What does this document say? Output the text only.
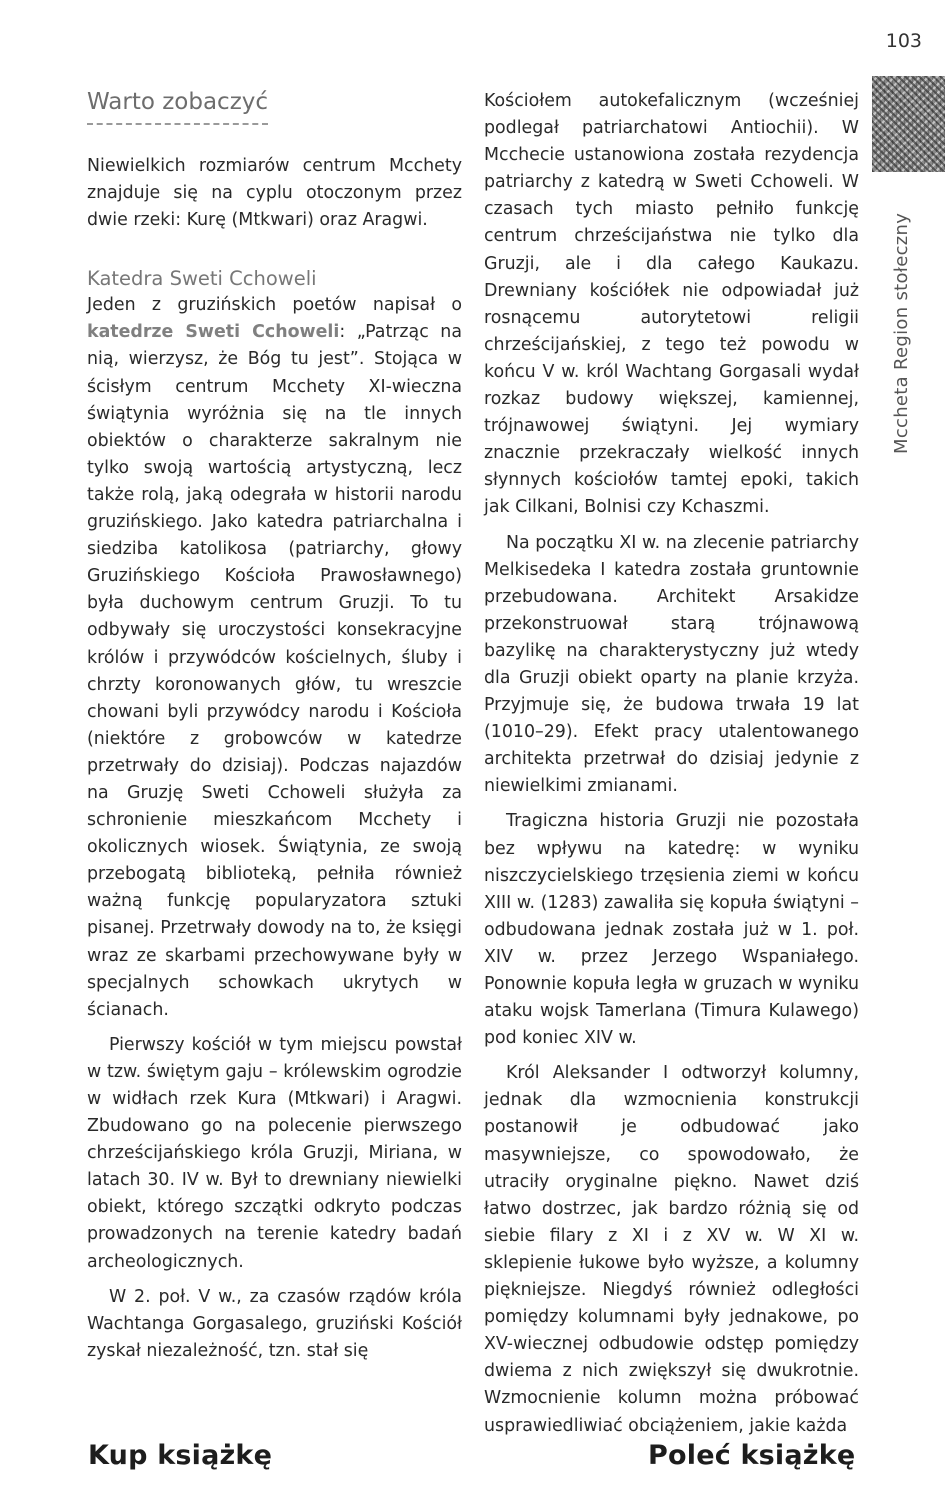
103
McchetaRegion stołeczny
Warto zobaczyć

Niewielkich rozmiarów centrum Mcchety znajduje się na cyplu otoczonym przez dwie rzeki: Kurę (Mtkwari) oraz Aragwi.

Katedra Sweti Cchoweli

Jeden z gruzińskich poetów napisał o katedrze Sweti Cchoweli: „Patrząc na nią, wierzysz, że Bóg tu jest”. Stojąca w ścisłym centrum Mcchety XI-wieczna świątynia wyróżnia się na tle innych obiektów o charakterze sakralnym nie tylko swoją wartością artystyczną, lecz także rolą, jaką odegrała w historii narodu gruzińskiego. Jako katedra patriarchalna i siedziba katolikosa (patriarchy, głowy Gruzińskiego Kościoła Prawosławnego) była duchowym centrum Gruzji. To tu odbywały się uroczystości konsekracyjne królów i przywódców kościelnych, śluby i chrzty koronowanych głów, tu wreszcie chowani byli przywódcy narodu i Kościoła (niektóre z grobowców w katedrze przetrwały do dzisiaj). Podczas najazdów na Gruzję Sweti Cchoweli służyła za schronienie mieszkańcom Mcchety i okolicznych wiosek. Świątynia, ze swoją przebogatą biblioteką, pełniła również ważną funkcję popularyzatora sztuki pisanej. Przetrwały dowody na to, że księgi wraz ze skarbami przechowywane były w specjalnych schowkach ukrytych w ścianach.

Pierwszy kościół w tym miejscu powstał w tzw. świętym gaju – królewskim ogrodzie w widłach rzek Kura (Mtkwari) i Aragwi. Zbudowano go na polecenie pierwszego chrześcijańskiego króla Gruzji, Miriana, w latach 30. IV w. Był to drewniany niewielki obiekt, którego szczątki odkryto podczas prowadzonych na terenie katedry badań archeologicznych.

W 2. poł. V w., za czasów rządów króla Wachtanga Gorgasalego, gruziński Kościół zyskał niezależność, tzn. stał się

Kościołem autokefalicznym (wcześniej podlegał patriarchatowi Antiochii). W Mcchecie ustanowiona została rezydencja patriarchy z katedrą w Sweti Cchoweli. W czasach tych miasto pełniło funkcję centrum chrześcijaństwa nie tylko dla Gruzji, ale i dla całego Kaukazu. Drewniany kościółek nie odpowiadał już rosnącemu autorytetowi religii chrześcijańskiej, z tego też powodu w końcu V w. król Wachtang Gorgasali wydał rozkaz budowy większej, kamiennej, trójnawowej świątyni. Jej wymiary znacznie przekraczały wielkość innych słynnych kościołów tamtej epoki, takich jak Cilkani, Bolnisi czy Kchaszmi.

Na początku XI w. na zlecenie patriarchy Melkisedeka I katedra została gruntownie przebudowana. Architekt Arsakidze przekonstruował starą trójnawową bazylikę na charakterystyczny już wtedy dla Gruzji obiekt oparty na planie krzyża. Przyjmuje się, że budowa trwała 19 lat (1010–29). Efekt pracy utalentowanego architekta przetrwał do dzisiaj jedynie z niewielkimi zmianami.

Tragiczna historia Gruzji nie pozostała bez wpływu na katedrę: w wyniku niszczycielskiego trzęsienia ziemi w końcu XIII w. (1283) zawaliła się kopuła świątyni – odbudowana jednak została już w 1. poł. XIV w. przez Jerzego Wspaniałego. Ponownie kopuła legła w gruzach w wyniku ataku wojsk Tamerlana (Timura Kulawego) pod koniec XIV w.

Król Aleksander I odtworzył kolumny, jednak dla wzmocnienia konstrukcji postanowił je odbudować jako masywniejsze, co spowodowało, że utraciły oryginalne piękno. Nawet dziś łatwo dostrzec, jak bardzo różnią się od siebie filary z XI i z XV w. W XI w. sklepienie łukowe było wyższe, a kolumny piękniejsze. Niegdyś również odległości pomiędzy kolumnami były jednakowe, po XV-wiecznej odbudowie odstęp pomiędzy dwiema z nich zwiększył się dwukrotnie. Wzmocnienie kolumn można próbować usprawiedliwiać obciążeniem, jakie każda

Kup książkę	Poleć książkę
